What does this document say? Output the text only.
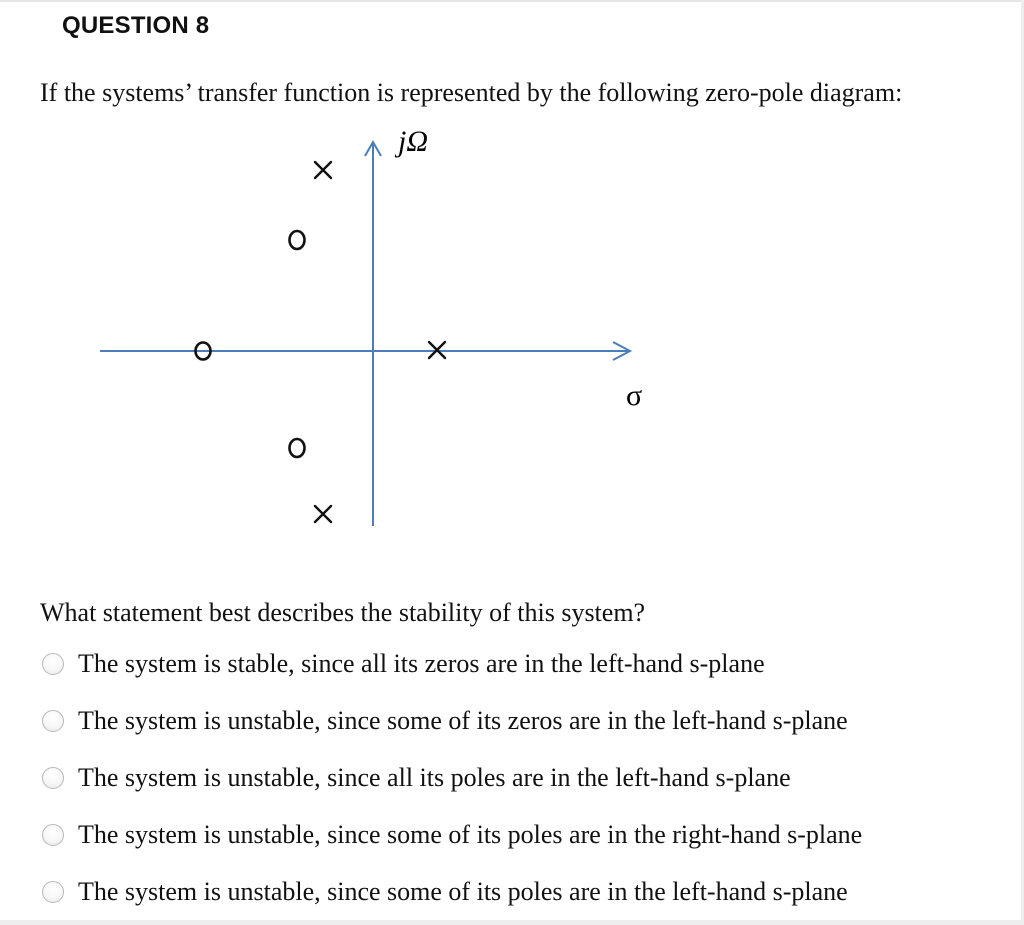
QUESTION 8
If the systems’ transfer function is represented by the following zero-pole diagram:
jΩ
σ
What statement best describes the stability of this system?
The system is stable, since all its zeros are in the left-hand s-plane
The system is unstable, since some of its zeros are in the left-hand s-plane
The system is unstable, since all its poles are in the left-hand s-plane
The system is unstable, since some of its poles are in the right-hand s-plane
The system is unstable, since some of its poles are in the left-hand s-plane
